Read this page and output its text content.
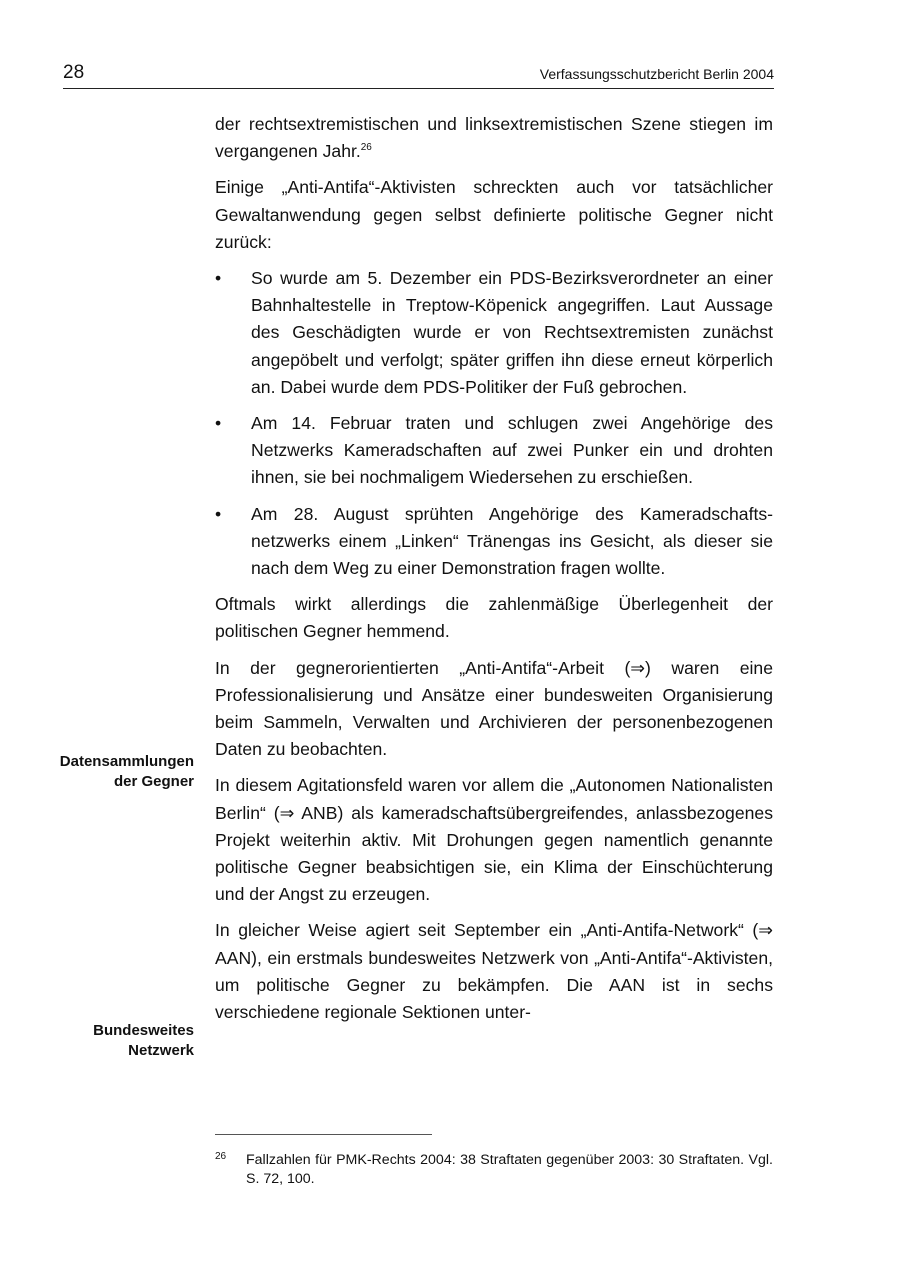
28	Verfassungsschutzbericht Berlin 2004

der rechtsextremistischen und linksextremistischen Szene stiegen im vergangenen Jahr.$^{26}$

Einige „Anti-Antifa“-Aktivisten schreckten auch vor tatsächlicher Gewaltanwendung gegen selbst definierte politische Gegner nicht zurück:

• So wurde am 5. Dezember ein PDS-Bezirksverordneter an einer Bahnhaltestelle in Treptow-Köpenick angegriffen. Laut Aussage des Geschädigten wurde er von Rechtsextremisten zunächst angepöbelt und verfolgt; später griffen ihn diese erneut körperlich an. Dabei wurde dem PDS-Politiker der Fuß gebrochen.
• Am 14. Februar traten und schlugen zwei Angehörige des Netzwerks Kameradschaften auf zwei Punker ein und drohten ihnen, sie bei nochmaligem Wiedersehen zu erschießen.
• Am 28. August sprühten Angehörige des Kameradschaftsnetzwerks einem „Linken“ Tränengas ins Gesicht, als dieser sie nach dem Weg zu einer Demonstration fragen wollte.

Oftmals wirkt allerdings die zahlenmäßige Überlegenheit der politischen Gegner hemmend.

In der gegnerorientierten „Anti-Antifa“-Arbeit (⇒) waren eine Professionalisierung und Ansätze einer bundesweiten Organisierung beim Sammeln, Verwalten und Archivieren der personenbezogenen Daten zu beobachten.

In diesem Agitationsfeld waren vor allem die „Autonomen Nationalisten Berlin“ (⇒ ANB) als kameradschaftsübergreifendes, anlassbezogenes Projekt weiterhin aktiv. Mit Drohungen gegen namentlich genannte politische Gegner beabsichtigen sie, ein Klima der Einschüchterung und der Angst zu erzeugen.

In gleicher Weise agiert seit September ein „Anti-Antifa-Network“ (⇒ AAN), ein erstmals bundesweites Netzwerk von „Anti-Antifa“-Aktivisten, um politische Gegner zu bekämpfen. Die AAN ist in sechs verschiedene regionale Sektionen unter-

Datensammlungen
der Gegner
Bundesweites
Netzwerk
26 Fallzahlen für PMK-Rechts 2004: 38 Straftaten gegenüber 2003: 30 Straftaten. Vgl. S. 72, 100.
